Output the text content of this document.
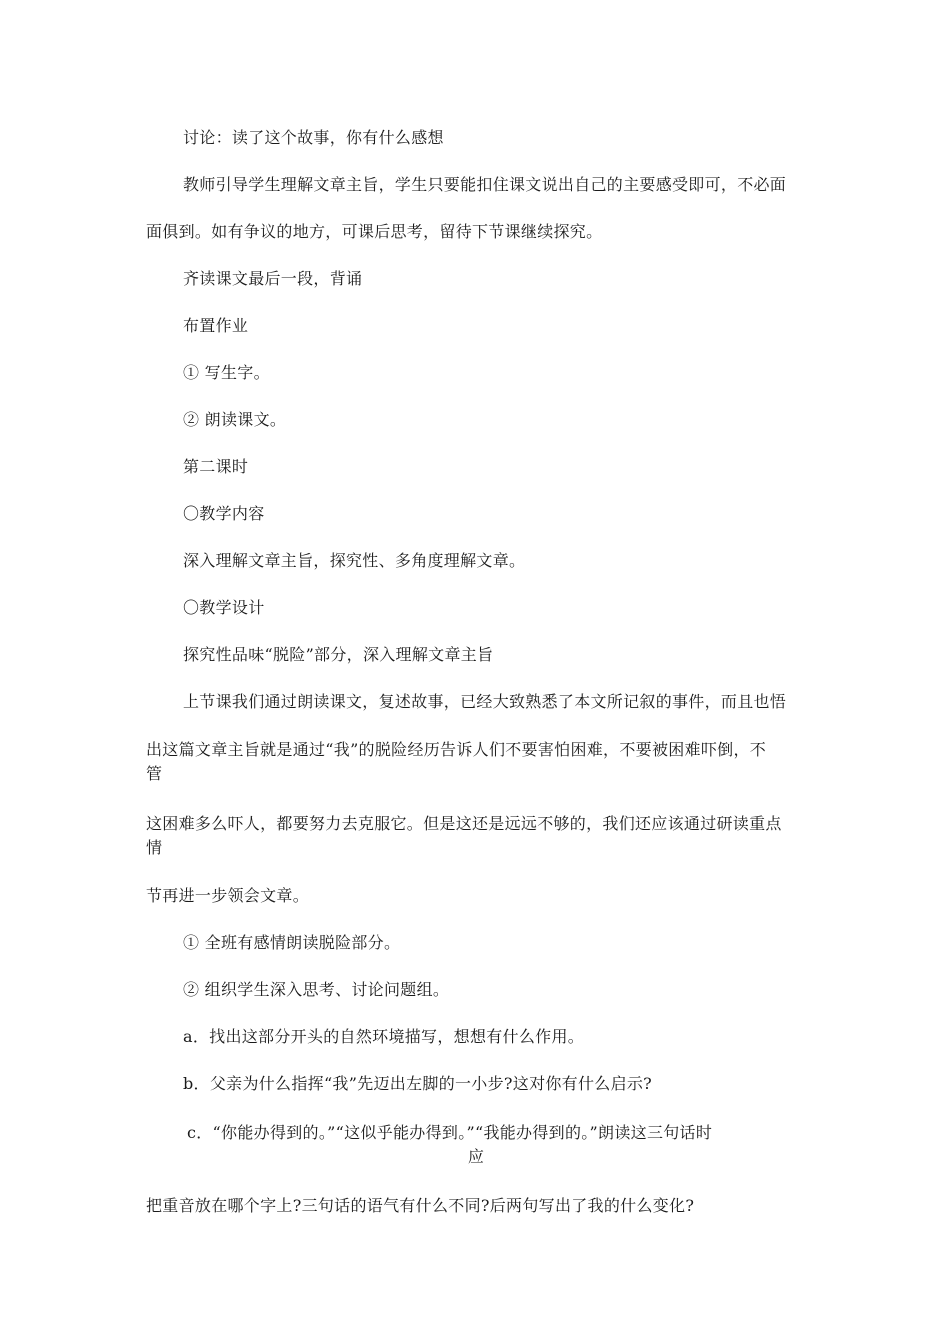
讨论：读了这个故事，你有什么感想
教师引导学生理解文章主旨，学生只要能扣住课文说出自己的主要感受即可，不必面
面俱到。如有争议的地方，可课后思考，留待下节课继续探究。
齐读课文最后一段，背诵
布置作业
① 写生字。
② 朗读课文。
第二课时
〇教学内容
深入理解文章主旨，探究性、多角度理解文章。
〇教学设计
探究性品味“脱险”部分，深入理解文章主旨
上节课我们通过朗读课文，复述故事，已经大致熟悉了本文所记叙的事件，而且也悟
出这篇文章主旨就是通过“我”的脱险经历告诉人们不要害怕困难，不要被困难吓倒，不
管
这困难多么吓人，都要努力去克服它。但是这还是远远不够的，我们还应该通过研读重点
情
节再进一步领会文章。
① 全班有感情朗读脱险部分。
② 组织学生深入思考、讨论问题组。
a．找出这部分开头的自然环境描写，想想有什么作用。
b．父亲为什么指挥“我”先迈出左脚的一小步?这对你有什么启示?
c．“你能办得到的。”“这似乎能办得到。”“我能办得到的。”朗读这三句话时
应
把重音放在哪个字上?三句话的语气有什么不同?后两句写出了我的什么变化?
